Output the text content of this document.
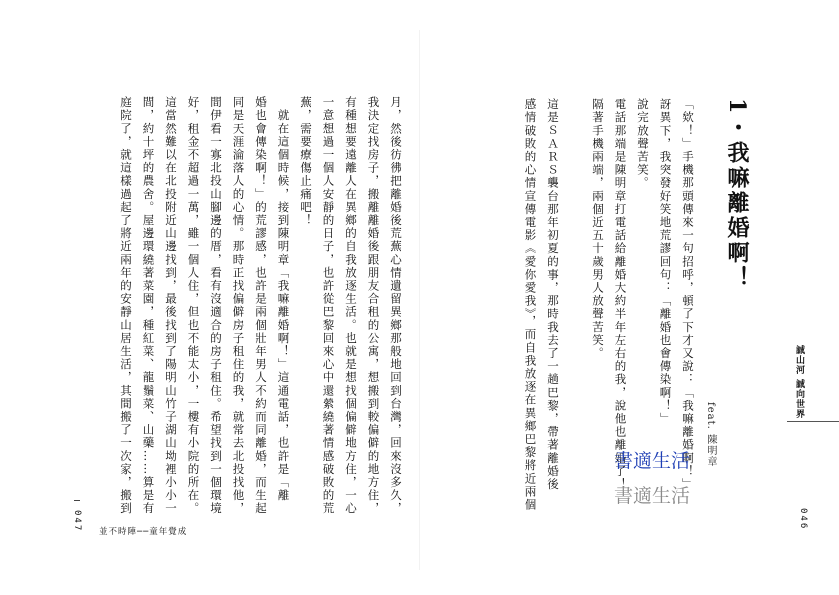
誠山河 誠向世界
1・我嘛離婚啊！
feat. 陳明章
「欸！」手機那頭傳來一句招呼，頓了下才又說：「我嘛離婚啊！」
訝異下，我突發好笑地荒謬回句：「離婚也會傳染啊！」
說完放聲苦笑。
電話那端是陳明章打電話給離婚大約半年左右的我，說他也離婚了！
隔著手機兩端，兩個近五十歲男人放聲苦笑。

這是ＳＡＲＳ襲台那年初夏的事，那時我去了一趟巴黎，帶著離婚後
感情破敗的心情宣傳電影《愛你愛我》，而自我放逐在異鄉巴黎將近兩個
046
書適生活
書適生活
月，然後彷彿把離婚後荒蕪心情遺留異鄉那般地回到台灣，回來沒多久，
我決定找房子，搬離離婚後跟朋友合租的公寓，想搬到較偏僻的地方住，
有種想要遠離人在異鄉的自我放逐生活。也就是想找個偏僻地方住，一心
一意想過一個人安靜的日子，也許從巴黎回來心中還縈繞著情感破敗的荒
蕪，需要療傷止痛吧！
　就在這個時候，接到陳明章「我嘛離婚啊！」這通電話，也許是「離
婚也會傳染啊！」的荒謬感，也許是兩個壯年男人不約而同離婚，而生起
同是天涯淪落人的心情。那時正找偏僻房子租住的我，就常去北投找他，
間伊看一寡北投山腳邊的厝，看有沒適合的房子租住。希望找到一個環境
好，租金不超過一萬，雖一個人住，但也不能太小，一樓有小院的所在。
這當然難以在北投附近山邊找到，最後找到了陽明山竹子湖山坳裡小小一
間，約十坪的農舍。屋邊環繞著菜園，種紅菜、龍鬚菜、山藥……算是有
庭院了，就這樣過起了將近兩年的安靜山居生活，其間搬了一次家，搬到
047 並不時陣──童年覺成
